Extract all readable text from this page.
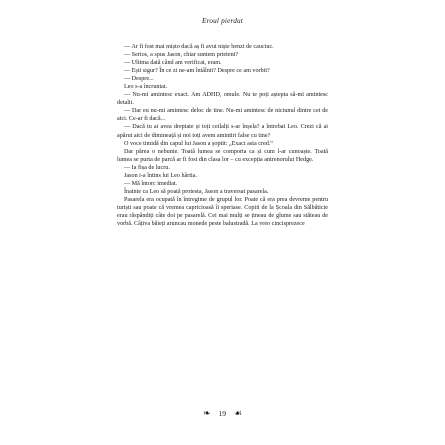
Eroul pierdut

— Ar fi fost mai mișto dacă aș fi avut niște benzi de cauciuc.

— Serios, a spus Jason, chiar suntem prieteni?

— Ultima dată când am verificat, eram.

— Ești sigur? În ce zi ne-am întâlnit? Despre ce am vorbit?

— Despre...

Leo s-a încruntat.

— Nu-mi amintesc exact. Am ADHD, omule. Nu te poți aștepta să-mi amintesc detalii.

— Dar eu nu-mi amintesc deloc de tine. Nu-mi amintesc de niciunul dintre cei de aici. Ce-ar fi dacă...

— Dacă tu ai avea dreptate și toți ceilalți s-ar înșela? a întrebat Leo. Crezi că ai apărut aici de dimineață și noi toți avem amintiri false cu tine?

O voce timidă din capul lui Jason a șoptit: „Exact asta cred.“

Dar părea o nebunie. Toată lumea se comporta ca și cum l-ar cunoaște. Toată lumea se purta de parcă ar fi fost din clasa lor – cu excepția antrenorului Hedge.

— Ia fișa de lucru.

Jason i-a întins lui Leo hârtia.

— Mă întorc imediat.

Înainte ca Leo să poată protesta, Jason a traversat pasarela.

Pasarela era ocupată în întregime de grupul lor. Poate că era prea devreme pentru turiști sau poate că vremea capricioasă îi speriase. Copiii de la Școala din Sălbăticie erau răspândiți câte doi pe pasarelă. Cei mai mulți se țineau de glume sau stăteau de vorbă. Câțiva băieți aruncau monede peste balustradă. La vreo cincisprezece

❧ 19 ☙
